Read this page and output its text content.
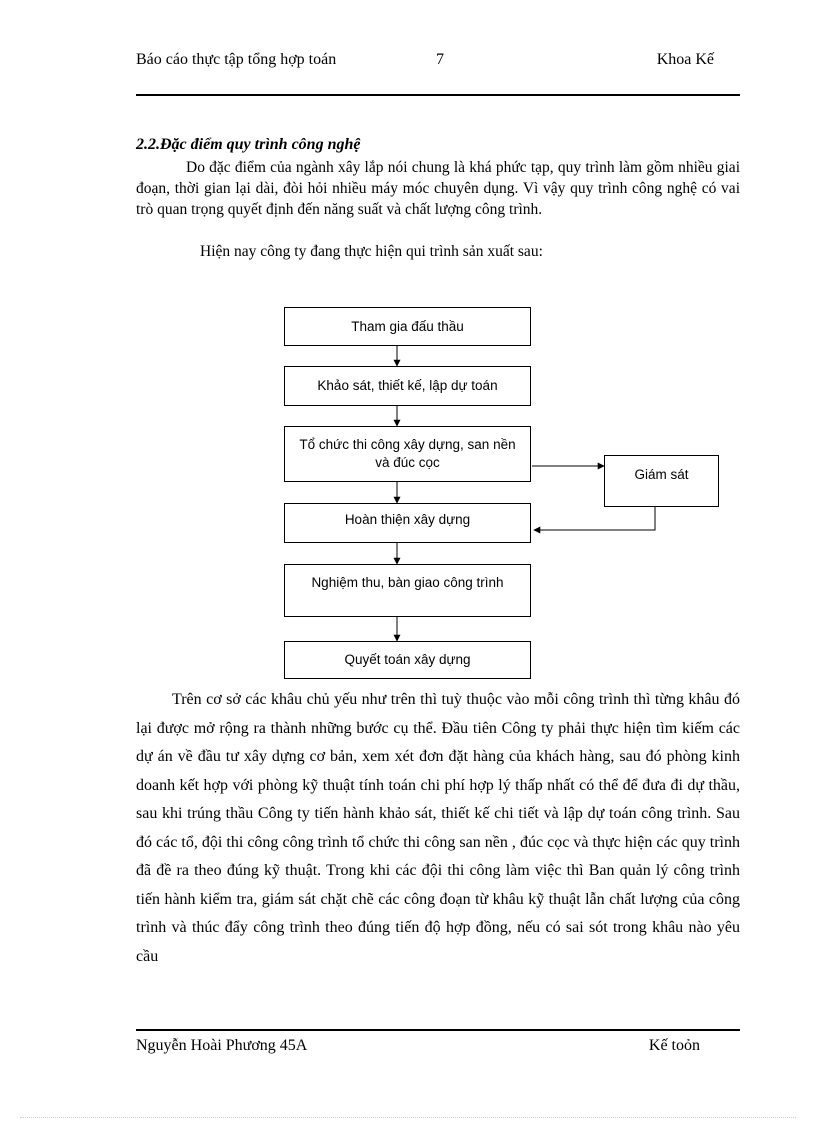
Báo cáo thực tập tổng hợp toán	7	Khoa Kế
2.2.Đặc điểm quy trình công nghệ

Do đặc điểm của ngành xây lắp nói chung là khá phức tạp, quy trình làm gồm nhiều giai đoạn, thời gian lại dài, đòi hỏi nhiều máy móc chuyên dụng. Vì vậy quy trình công nghệ có vai trò quan trọng quyết định đến năng suất và chất lượng công trình.

Hiện nay công ty đang thực hiện qui trình sản xuất sau:

Tham gia đấu thầu
Khảo sát, thiết kế, lập dự toán
Tổ chức thi công xây dựng, san nền và đúc cọc
Hoàn thiện xây dựng
Nghiệm thu, bàn giao công trình
Quyết toán xây dựng
Giám sát

Trên cơ sở các khâu chủ yếu như trên thì tuỳ thuộc vào mỗi công trình thì từng khâu đó lại được mở rộng ra thành những bước cụ thể. Đầu tiên Công ty phải thực hiện tìm kiếm các dự án về đầu tư xây dựng cơ bản, xem xét đơn đặt hàng của khách hàng, sau đó phòng kinh doanh kết hợp với phòng kỹ thuật tính toán chi phí hợp lý thấp nhất có thể để đưa đi dự thầu, sau khi trúng thầu Công ty tiến hành khảo sát, thiết kế chi tiết và lập dự toán công trình. Sau đó các tổ, đội thi công công trình tổ chức thi công san nền , đúc cọc và thực hiện các quy trình đã đề ra theo đúng kỹ thuật. Trong khi các đội thi công làm việc thì Ban quản lý công trình tiến hành kiểm tra, giám sát chặt chẽ các công đoạn từ khâu kỹ thuật lẫn chất lượng của công trình và thúc đẩy công trình theo đúng tiến độ hợp đồng, nếu có sai sót trong khâu nào yêu cầu

Nguyễn Hoài Phương 45A	Kế toỏn
